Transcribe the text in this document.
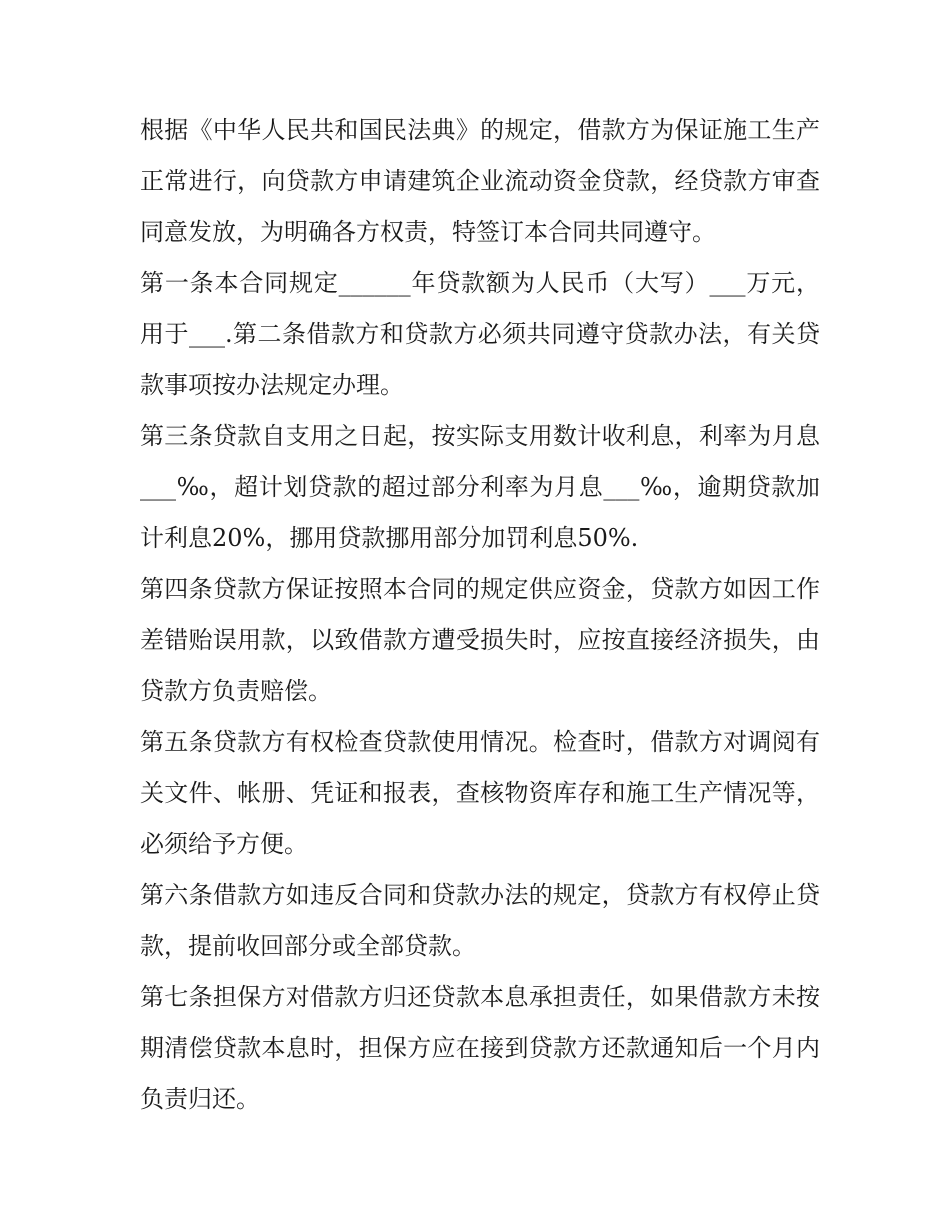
根据《中华人民共和国民法典》的规定，借款方为保证施工生产正常进行，向贷款方申请建筑企业流动资金贷款，经贷款方审查同意发放，为明确各方权责，特签订本合同共同遵守。

第一条本合同规定______年贷款额为人民币（大写）___万元，用于___.第二条借款方和贷款方必须共同遵守贷款办法，有关贷款事项按办法规定办理。

第三条贷款自支用之日起，按实际支用数计收利息，利率为月息___‰，超计划贷款的超过部分利率为月息___‰，逾期贷款加计利息20%，挪用贷款挪用部分加罚利息50%.

第四条贷款方保证按照本合同的规定供应资金，贷款方如因工作差错贻误用款，以致借款方遭受损失时，应按直接经济损失，由贷款方负责赔偿。

第五条贷款方有权检查贷款使用情况。检查时，借款方对调阅有关文件、帐册、凭证和报表，查核物资库存和施工生产情况等，必须给予方便。

第六条借款方如违反合同和贷款办法的规定，贷款方有权停止贷款，提前收回部分或全部贷款。

第七条担保方对借款方归还贷款本息承担责任，如果借款方未按期清偿贷款本息时，担保方应在接到贷款方还款通知后一个月内负责归还。
